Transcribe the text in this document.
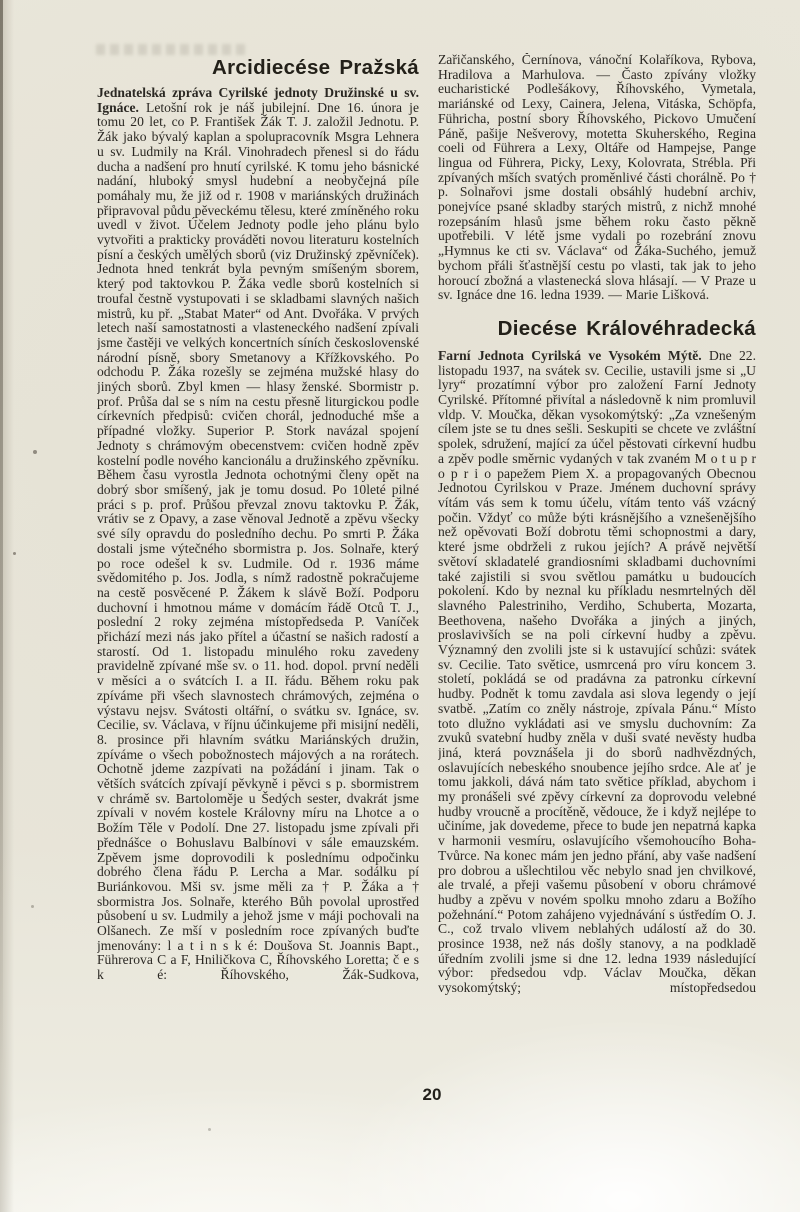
Arcidiecése Pražská

Jednatelská zpráva Cyrilské jednoty Družinské u sv. Ignáce. Letošní rok je náš jubilejní. Dne 16. února je tomu 20 let, co P. František Žák T. J. založil Jednotu. P. Žák jako bývalý kaplan a spolupracovník Msgra Lehnera u sv. Ludmily na Král. Vinohradech přenesl si do řádu ducha a nadšení pro hnutí cyrilské. K tomu jeho básnické nadání, hluboký smysl hudební a neobyčejná píle pomáhaly mu, že již od r. 1908 v mariánských družinách připravoval půdu pěveckému tělesu, které zmíněného roku uvedl v život. Účelem Jednoty podle jeho plánu bylo vytvořiti a prakticky prováděti novou literaturu kostelních písní a českých umělých sborů (viz Družinský zpěvníček). Jednota hned tenkrát byla pevným smíšeným sborem, který pod taktovkou P. Žáka vedle sborů kostelních si troufal čestně vystupovati i se skladbami slavných našich mistrů, ku př. „Stabat Mater“ od Ant. Dvořáka. V prvých letech naší samostatnosti a vlasteneckého nadšení zpívali jsme častěji ve velkých koncertních síních československé národní písně, sbory Smetanovy a Křížkovského. Po odchodu P. Žáka rozešly se zejména mužské hlasy do jiných sborů. Zbyl kmen — hlasy ženské. Sbormistr p. prof. Průša dal se s ním na cestu přesně liturgickou podle církevních předpisů: cvičen chorál, jednoduché mše a případné vložky. Superior P. Stork navázal spojení Jednoty s chrámovým obecenstvem: cvičen hodně zpěv kostelní podle nového kancionálu a družinského zpěvníku. Během času vyrostla Jednota ochotnými členy opět na dobrý sbor smíšený, jak je tomu dosud. Po 10leté pilné práci s p. prof. Průšou převzal znovu taktovku P. Žák, vrátiv se z Opavy, a zase věnoval Jednotě a zpěvu všecky své síly opravdu do posledního dechu. Po smrti P. Žáka dostali jsme výtečného sbormistra p. Jos. Solnaře, který po roce odešel k sv. Ludmile. Od r. 1936 máme svědomitého p. Jos. Jodla, s nímž radostně pokračujeme na cestě posvěcené P. Žákem k slávě Boží. Podporu duchovní i hmotnou máme v domácím řádě Otců T. J., poslední 2 roky zejména místopředseda P. Vaníček přichází mezi nás jako přítel a účastní se našich radostí a starostí. Od 1. listopadu minulého roku zavedeny pravidelně zpívané mše sv. o 11. hod. dopol. první neděli v měsíci a o svátcích I. a II. řádu. Během roku pak zpíváme při všech slavnostech chrámových, zejména o výstavu nejsv. Svátosti oltářní, o svátku sv. Ignáce, sv. Cecilie, sv. Václava, v říjnu účinkujeme při misijní neděli, 8. prosince při hlavním svátku Mariánských družin, zpíváme o všech pobožnostech májových a na rorátech. Ochotně jdeme zazpívati na požádání i jinam. Tak o větších svátcích zpívají pěvkyně i pěvci s p. sbormistrem v chrámě sv. Bartoloměje u Šedých sester, dvakrát jsme zpívali v novém kostele Královny míru na Lhotce a o Božím Těle v Podolí. Dne 27. listopadu jsme zpívali při přednášce o Bohuslavu Balbínovi v sále emauzském. Zpěvem jsme doprovodili k poslednímu odpočinku dobrého člena řádu P. Lercha a Mar. sodálku pí Buriánkovou. Mši sv. jsme měli za † P. Žáka a † sbormistra Jos. Solnaře, kterého Bůh povolal uprostřed působení u sv. Ludmily a jehož jsme v máji pochovali na Olšanech. Ze mší v posledním roce zpívaných buďte jmenovány: l a t i n s k é: Doušova St. Joannis Bapt., Führerova C a F, Hniličkova C, Říhovského Loretta; č e s k é: Říhovského, Žák-Sudkova,

Zařičanského, Černínova, vánoční Kolaříkova, Rybova, Hradilova a Marhulova. — Často zpívány vložky eucharistické Podlešákovy, Říhovského, Vymetala, mariánské od Lexy, Cainera, Jelena, Vitáska, Schöpfa, Führicha, postní sbory Říhovského, Pickovo Umučení Páně, pašije Nešverovy, motetta Skuherského, Regina coeli od Führera a Lexy, Oltáře od Hampejse, Pange lingua od Führera, Picky, Lexy, Kolovrata, Strébla. Při zpívaných mších svatých proměnlivé části chorálně. Po † p. Solnařovi jsme dostali obsáhlý hudební archiv, ponejvíce psané skladby starých mistrů, z nichž mnohé rozepsáním hlasů jsme během roku často pěkně upotřebili. V létě jsme vydali po rozebrání znovu „Hymnus ke cti sv. Václava“ od Žáka-Suchého, jemuž bychom přáli šťastnější cestu po vlasti, tak jak to jeho horoucí zbožná a vlastenecká slova hlásají. — V Praze u sv. Ignáce dne 16. ledna 1939. — Marie Lišková.

Diecése Královéhradecká

Farní Jednota Cyrilská ve Vysokém Mýtě. Dne 22. listopadu 1937, na svátek sv. Cecilie, ustavili jsme si „U lyry“ prozatímní výbor pro založení Farní Jednoty Cyrilské. Přítomné přivítal a následovně k nim promluvil vldp. V. Moučka, děkan vysokomýtský: „Za vznešeným cílem jste se tu dnes sešli. Seskupiti se chcete ve zvláštní spolek, sdružení, mající za účel pěstovati církevní hudbu a zpěv podle směrnic vydaných v tak zvaném M o t u p r o p r i o papežem Piem X. a propagovaných Obecnou Jednotou Cyrilskou v Praze. Jménem duchovní správy vítám vás sem k tomu účelu, vítám tento váš vzácný počin. Vždyť co může býti krásnějšího a vznešenějšího než opěvovati Boží dobrotu těmi schopnostmi a dary, které jsme obdrželi z rukou jejích? A právě největší světoví skladatelé grandiosními skladbami duchovními také zajistili si svou světlou památku u budoucích pokolení. Kdo by neznal ku příkladu nesmrtelných děl slavného Palestriniho, Verdiho, Schuberta, Mozarta, Beethovena, našeho Dvořáka a jiných a jiných, proslavivších se na poli církevní hudby a zpěvu. Významný den zvolili jste si k ustavující schůzi: svátek sv. Cecilie. Tato světice, usmrcená pro víru koncem 3. století, pokládá se od pradávna za patronku církevní hudby. Podnět k tomu zavdala asi slova legendy o její svatbě. „Zatím co zněly nástroje, zpívala Pánu.“ Místo toto dlužno vykládati asi ve smyslu duchovním: Za zvuků svatební hudby zněla v duši svaté nevěsty hudba jiná, která povznášela ji do sborů nadhvězdných, oslavujících nebeského snoubence jejího srdce. Ale ať je tomu jakkoli, dává nám tato světice příklad, abychom i my pronášeli své zpěvy církevní za doprovodu velebné hudby vroucně a procítěně, vědouce, že i když nejlépe to učiníme, jak dovedeme, přece to bude jen nepatrná kapka v harmonii vesmíru, oslavujícího všemohoucího Boha-Tvůrce. Na konec mám jen jedno přání, aby vaše nadšení pro dobrou a ušlechtilou věc nebylo snad jen chvilkové, ale trvalé, a přeji vašemu působení v oboru chrámové hudby a zpěvu v novém spolku mnoho zdaru a Božího požehnání.“ Potom zahájeno vyjednávání s ústředím O. J. C., což trvalo vlivem neblahých událostí až do 30. prosince 1938, než nás došly stanovy, a na podkladě úředním zvolili jsme si dne 12. ledna 1939 následující výbor: předsedou vdp. Václav Moučka, děkan vysokomýtský; místopředsedou

20
